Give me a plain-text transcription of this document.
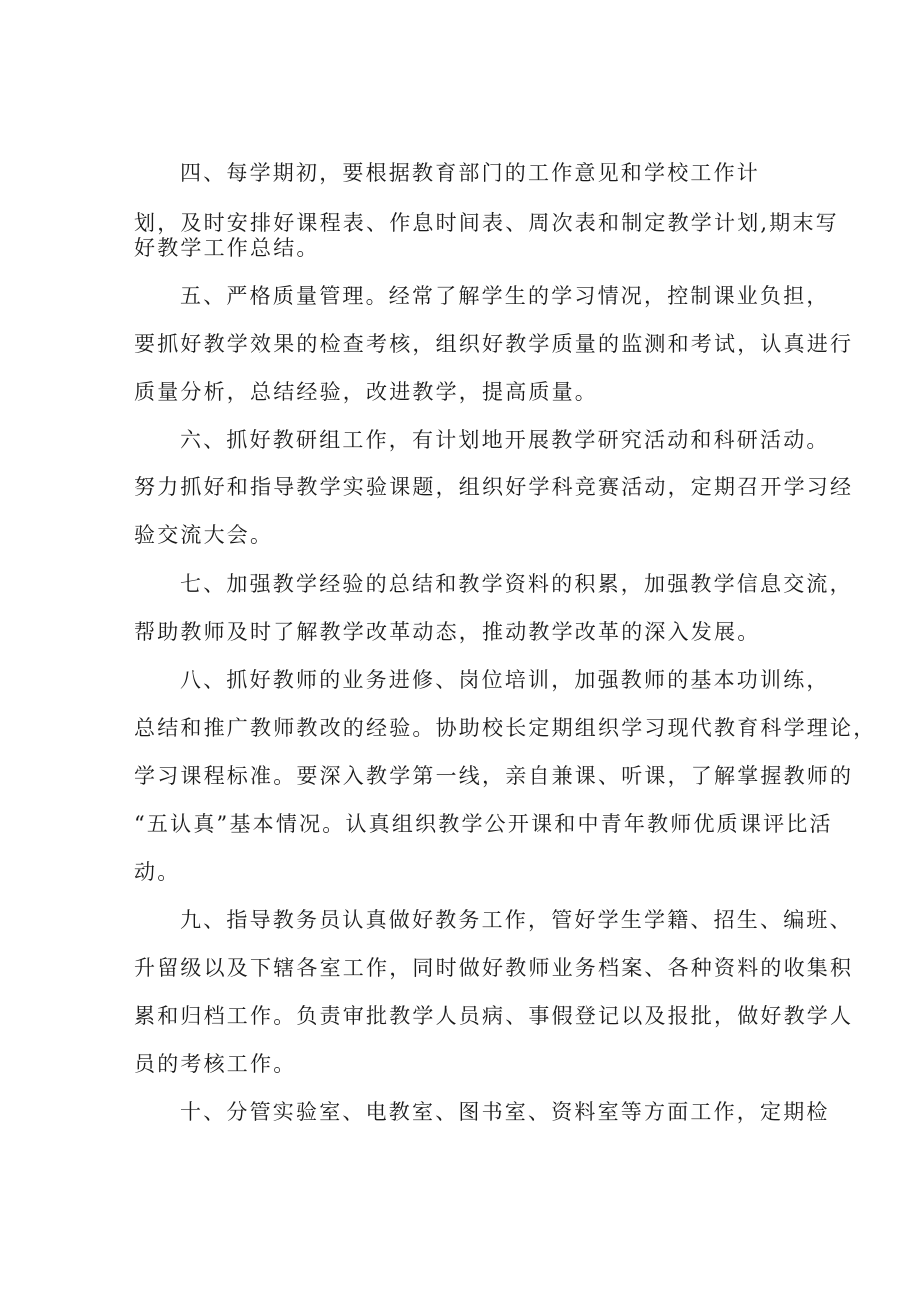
四、每学期初，要根据教育部门的工作意见和学校工作计
划，及时安排好课程表、作息时间表、周次表和制定教学计划,期末写
好教学工作总结。
五、严格质量管理。经常了解学生的学习情况，控制课业负担，
要抓好教学效果的检查考核，组织好教学质量的监测和考试，认真进行
质量分析，总结经验，改进教学，提高质量。
六、抓好教研组工作，有计划地开展教学研究活动和科研活动。
努力抓好和指导教学实验课题，组织好学科竞赛活动，定期召开学习经
验交流大会。
七、加强教学经验的总结和教学资料的积累，加强教学信息交流，
帮助教师及时了解教学改革动态，推动教学改革的深入发展。
八、抓好教师的业务进修、岗位培训，加强教师的基本功训练，
总结和推广教师教改的经验。协助校长定期组织学习现代教育科学理论，
学习课程标准。要深入教学第一线，亲自兼课、听课，了解掌握教师的
“五认真”基本情况。认真组织教学公开课和中青年教师优质课评比活
动。
九、指导教务员认真做好教务工作，管好学生学籍、招生、编班、
升留级以及下辖各室工作，同时做好教师业务档案、各种资料的收集积
累和归档工作。负责审批教学人员病、事假登记以及报批，做好教学人
员的考核工作。
十、分管实验室、电教室、图书室、资料室等方面工作，定期检
